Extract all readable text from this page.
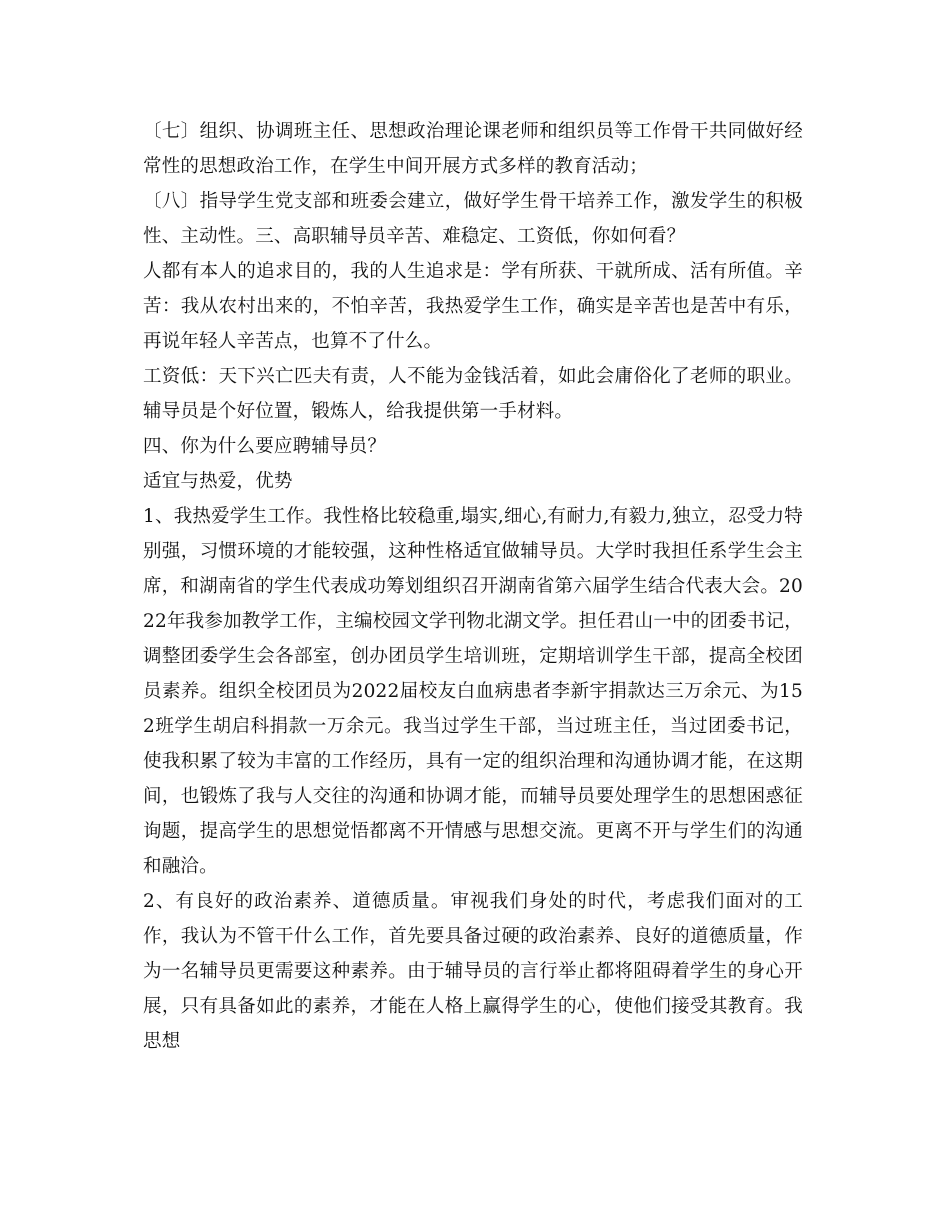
〔七〕组织、协调班主任、思想政治理论课老师和组织员等工作骨干共同做好经常性的思想政治工作，在学生中间开展方式多样的教育活动；

〔八〕指导学生党支部和班委会建立，做好学生骨干培养工作，激发学生的积极性、主动性。三、高职辅导员辛苦、难稳定、工资低，你如何看？

人都有本人的追求目的，我的人生追求是：学有所获、干就所成、活有所值。辛苦：我从农村出来的，不怕辛苦，我热爱学生工作，确实是辛苦也是苦中有乐，再说年轻人辛苦点，也算不了什么。

工资低：天下兴亡匹夫有责，人不能为金钱活着，如此会庸俗化了老师的职业。辅导员是个好位置，锻炼人，给我提供第一手材料。

四、你为什么要应聘辅导员？

适宜与热爱，优势

1、我热爱学生工作。我性格比较稳重,塌实,细心,有耐力,有毅力,独立，忍受力特别强，习惯环境的才能较强，这种性格适宜做辅导员。大学时我担任系学生会主席，和湖南省的学生代表成功筹划组织召开湖南省第六届学生结合代表大会。2022年我参加教学工作，主编校园文学刊物北湖文学。担任君山一中的团委书记，调整团委学生会各部室，创办团员学生培训班，定期培训学生干部，提高全校团员素养。组织全校团员为2022届校友白血病患者李新宇捐款达三万余元、为152班学生胡启科捐款一万余元。我当过学生干部，当过班主任，当过团委书记，使我积累了较为丰富的工作经历，具有一定的组织治理和沟通协调才能，在这期间，也锻炼了我与人交往的沟通和协调才能，而辅导员要处理学生的思想困惑征询题，提高学生的思想觉悟都离不开情感与思想交流。更离不开与学生们的沟通和融洽。

2、有良好的政治素养、道德质量。审视我们身处的时代，考虑我们面对的工作，我认为不管干什么工作，首先要具备过硬的政治素养、良好的道德质量，作为一名辅导员更需要这种素养。由于辅导员的言行举止都将阻碍着学生的身心开展，只有具备如此的素养，才能在人格上赢得学生的心，使他们接受其教育。我思想
